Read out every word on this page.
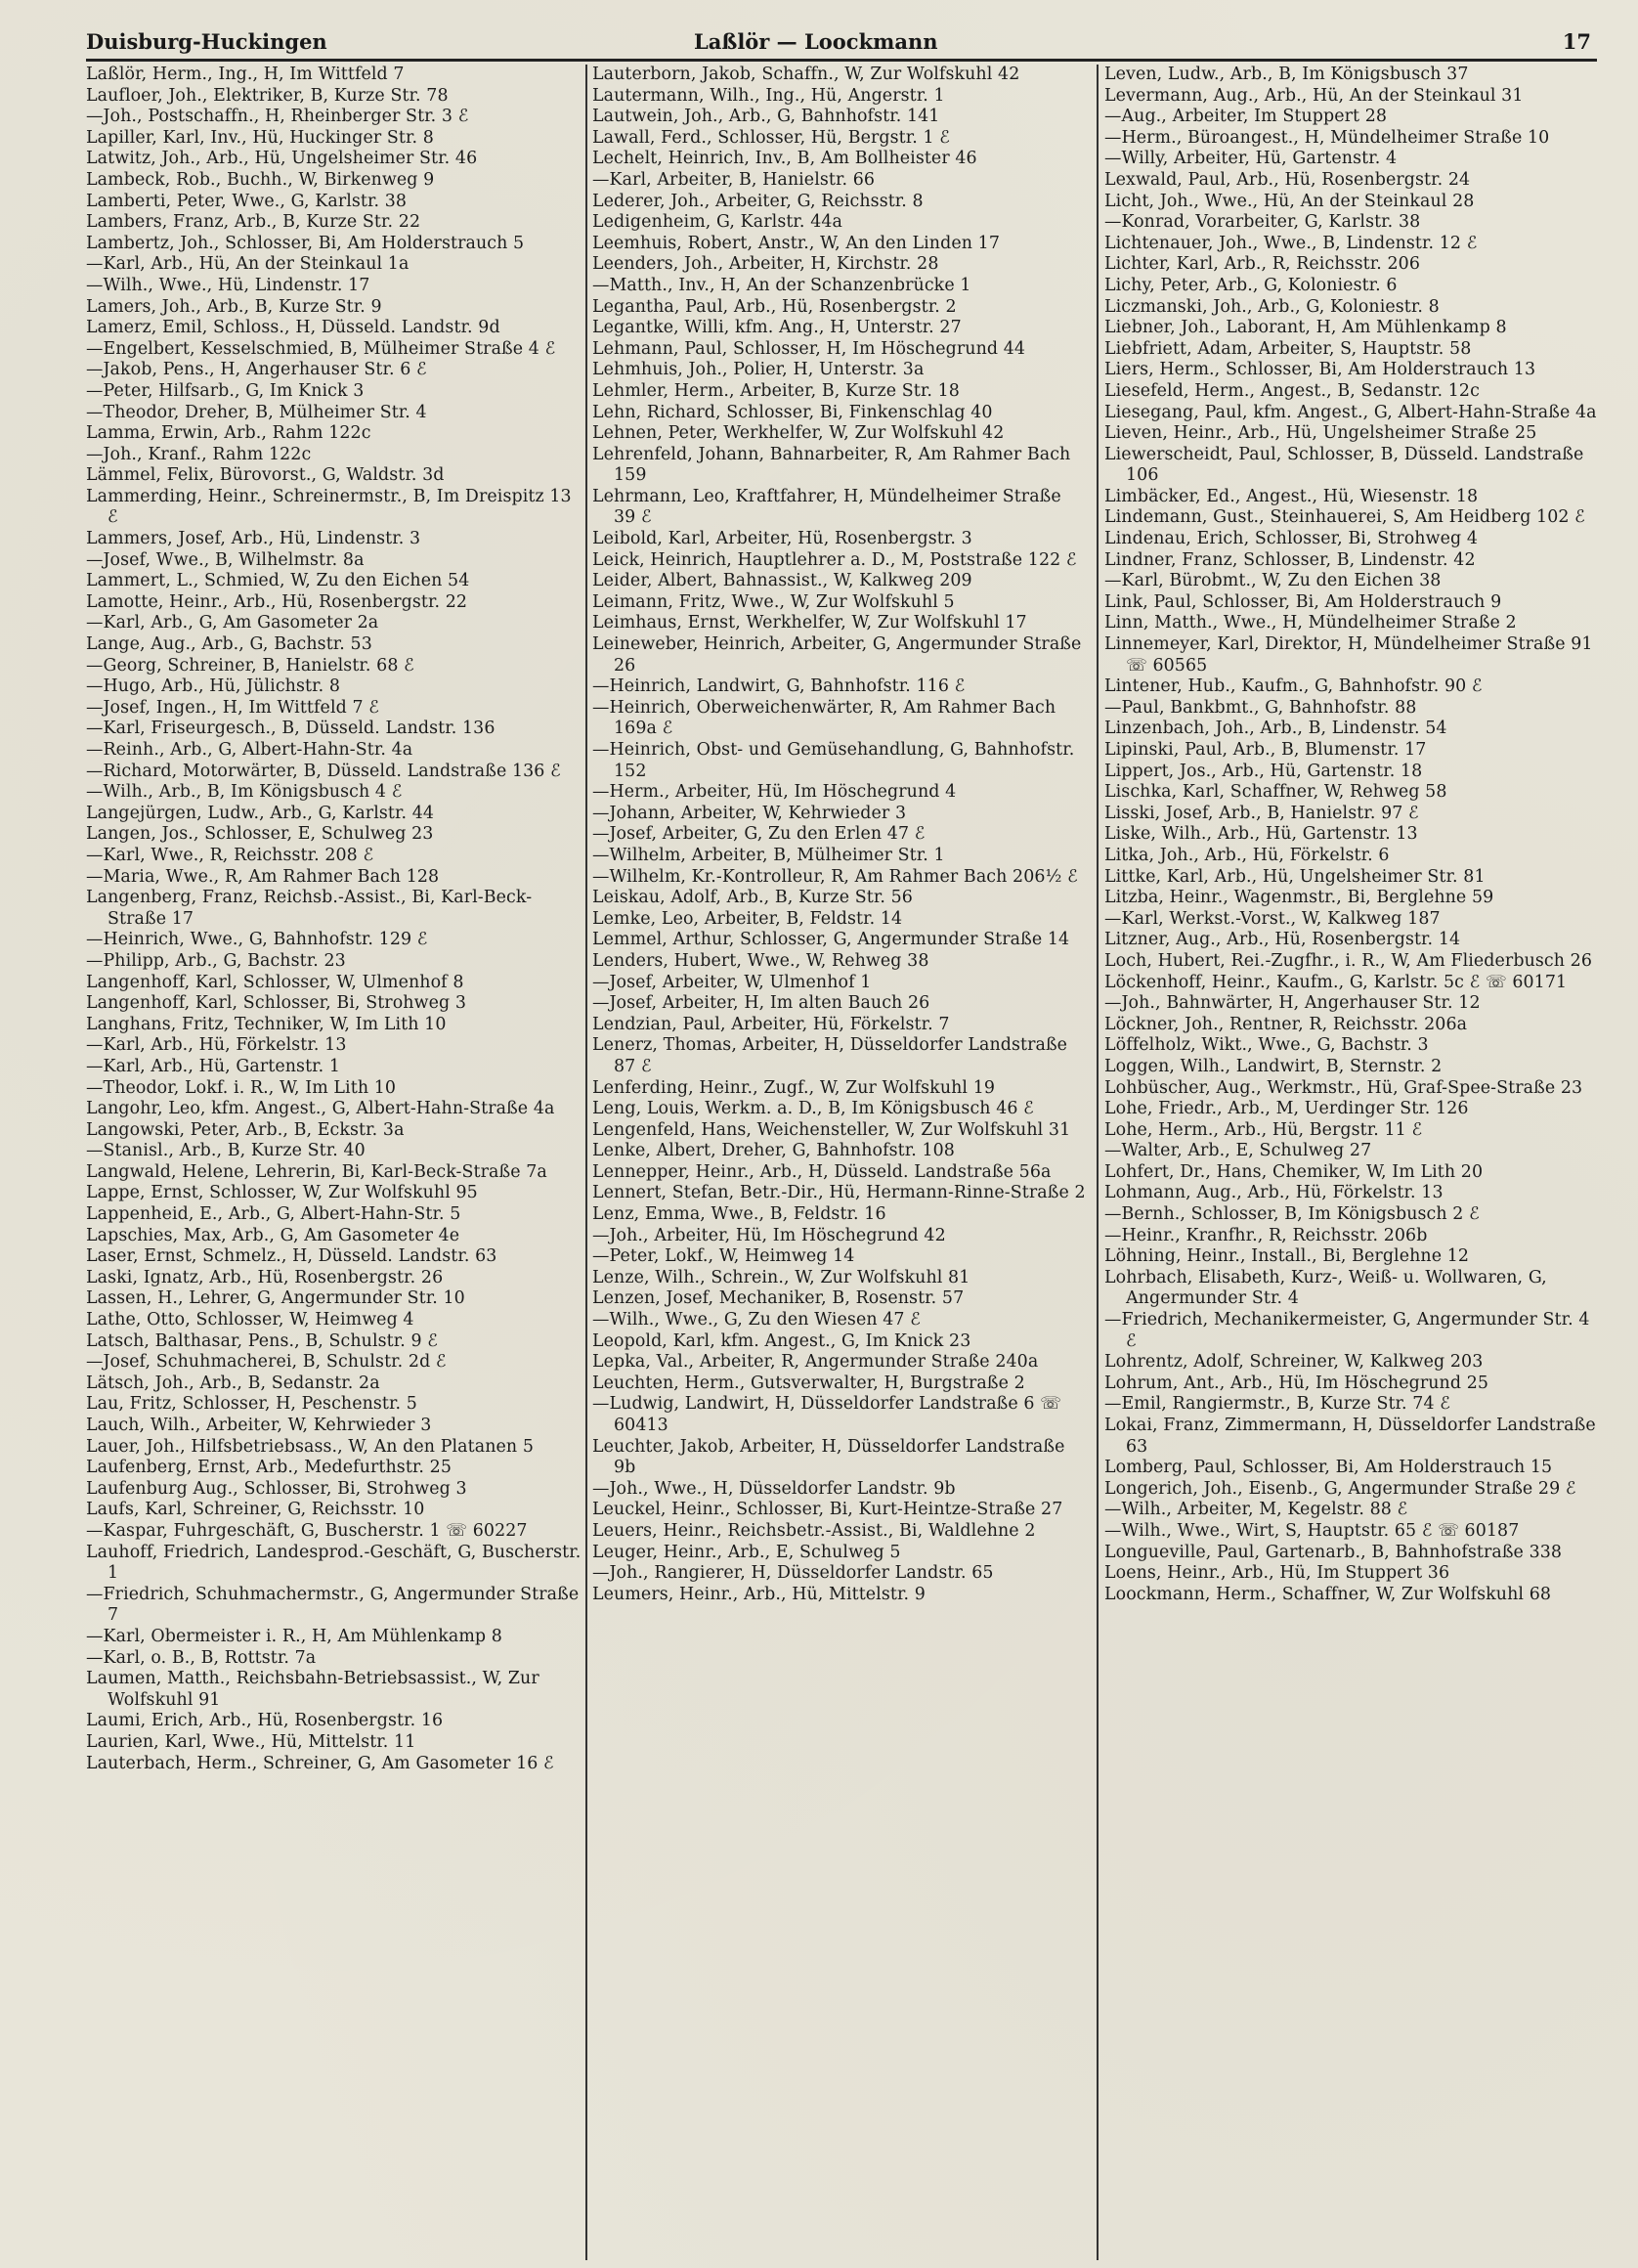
Duisburg-Huckingen	Laßlör — Loockmann	17
Laßlör, Herm., Ing., H, Im Wittfeld 7
Laufloer, Joh., Elektriker, B, Kurze Str. 78
—Joh., Postschaffn., H, Rheinberger Str. 3 ℰ
Lapiller, Karl, Inv., Hü, Huckinger Str. 8
Latwitz, Joh., Arb., Hü, Ungelsheimer Str. 46
Lambeck, Rob., Buchh., W, Birkenweg 9
Lamberti, Peter, Wwe., G, Karlstr. 38
Lambers, Franz, Arb., B, Kurze Str. 22
Lambertz, Joh., Schlosser, Bi, Am Holderstrauch 5
—Karl, Arb., Hü, An der Steinkaul 1a
—Wilh., Wwe., Hü, Lindenstr. 17
Lamers, Joh., Arb., B, Kurze Str. 9
Lamerz, Emil, Schloss., H, Düsseld. Landstr. 9d
—Engelbert, Kesselschmied, B, Mülheimer Straße 4 ℰ
—Jakob, Pens., H, Angerhauser Str. 6 ℰ
—Peter, Hilfsarb., G, Im Knick 3
—Theodor, Dreher, B, Mülheimer Str. 4
Lamma, Erwin, Arb., Rahm 122c
—Joh., Kranf., Rahm 122c
Lämmel, Felix, Bürovorst., G, Waldstr. 3d
Lammerding, Heinr., Schreinermstr., B, Im Dreispitz 13 ℰ
Lammers, Josef, Arb., Hü, Lindenstr. 3
—Josef, Wwe., B, Wilhelmstr. 8a
Lammert, L., Schmied, W, Zu den Eichen 54
Lamotte, Heinr., Arb., Hü, Rosenbergstr. 22
—Karl, Arb., G, Am Gasometer 2a
Lange, Aug., Arb., G, Bachstr. 53
—Georg, Schreiner, B, Hanielstr. 68 ℰ
—Hugo, Arb., Hü, Jülichstr. 8
—Josef, Ingen., H, Im Wittfeld 7 ℰ
—Karl, Friseurgesch., B, Düsseld. Landstr. 136
—Reinh., Arb., G, Albert-Hahn-Str. 4a
—Richard, Motorwärter, B, Düsseld. Landstraße 136 ℰ
—Wilh., Arb., B, Im Königsbusch 4 ℰ
Langejürgen, Ludw., Arb., G, Karlstr. 44
Langen, Jos., Schlosser, E, Schulweg 23
—Karl, Wwe., R, Reichsstr. 208 ℰ
—Maria, Wwe., R, Am Rahmer Bach 128
Langenberg, Franz, Reichsb.-Assist., Bi, Karl-Beck-Straße 17
—Heinrich, Wwe., G, Bahnhofstr. 129 ℰ
—Philipp, Arb., G, Bachstr. 23
Langenhoff, Karl, Schlosser, W, Ulmenhof 8
Langenhoff, Karl, Schlosser, Bi, Strohweg 3
Langhans, Fritz, Techniker, W, Im Lith 10
—Karl, Arb., Hü, Förkelstr. 13
—Karl, Arb., Hü, Gartenstr. 1
—Theodor, Lokf. i. R., W, Im Lith 10
Langohr, Leo, kfm. Angest., G, Albert-Hahn-Straße 4a
Langowski, Peter, Arb., B, Eckstr. 3a
—Stanisl., Arb., B, Kurze Str. 40
Langwald, Helene, Lehrerin, Bi, Karl-Beck-Straße 7a
Lappe, Ernst, Schlosser, W, Zur Wolfskuhl 95
Lappenheid, E., Arb., G, Albert-Hahn-Str. 5
Lapschies, Max, Arb., G, Am Gasometer 4e
Laser, Ernst, Schmelz., H, Düsseld. Landstr. 63
Laski, Ignatz, Arb., Hü, Rosenbergstr. 26
Lassen, H., Lehrer, G, Angermunder Str. 10
Lathe, Otto, Schlosser, W, Heimweg 4
Latsch, Balthasar, Pens., B, Schulstr. 9 ℰ
—Josef, Schuhmacherei, B, Schulstr. 2d ℰ
Lätsch, Joh., Arb., B, Sedanstr. 2a
Lau, Fritz, Schlosser, H, Peschenstr. 5
Lauch, Wilh., Arbeiter, W, Kehrwieder 3
Lauer, Joh., Hilfsbetriebsass., W, An den Platanen 5
Laufenberg, Ernst, Arb., Medefurthstr. 25
Laufenburg Aug., Schlosser, Bi, Strohweg 3
Laufs, Karl, Schreiner, G, Reichsstr. 10
—Kaspar, Fuhrgeschäft, G, Buscherstr. 1 ☏ 60227
Lauhoff, Friedrich, Landesprod.-Geschäft, G, Buscherstr. 1
—Friedrich, Schuhmachermstr., G, Angermunder Straße 7
—Karl, Obermeister i. R., H, Am Mühlenkamp 8
—Karl, o. B., B, Rottstr. 7a
Laumen, Matth., Reichsbahn-Betriebsassist., W, Zur Wolfskuhl 91
Laumi, Erich, Arb., Hü, Rosenbergstr. 16
Laurien, Karl, Wwe., Hü, Mittelstr. 11
Lauterbach, Herm., Schreiner, G, Am Gasometer 16 ℰ
Lauterborn, Jakob, Schaffn., W, Zur Wolfskuhl 42
Lautermann, Wilh., Ing., Hü, Angerstr. 1
Lautwein, Joh., Arb., G, Bahnhofstr. 141
Lawall, Ferd., Schlosser, Hü, Bergstr. 1 ℰ
Lechelt, Heinrich, Inv., B, Am Bollheister 46
—Karl, Arbeiter, B, Hanielstr. 66
Lederer, Joh., Arbeiter, G, Reichsstr. 8
Ledigenheim, G, Karlstr. 44a
Leemhuis, Robert, Anstr., W, An den Linden 17
Leenders, Joh., Arbeiter, H, Kirchstr. 28
—Matth., Inv., H, An der Schanzenbrücke 1
Legantha, Paul, Arb., Hü, Rosenbergstr. 2
Legantke, Willi, kfm. Ang., H, Unterstr. 27
Lehmann, Paul, Schlosser, H, Im Höschegrund 44
Lehmhuis, Joh., Polier, H, Unterstr. 3a
Lehmler, Herm., Arbeiter, B, Kurze Str. 18
Lehn, Richard, Schlosser, Bi, Finkenschlag 40
Lehnen, Peter, Werkhelfer, W, Zur Wolfskuhl 42
Lehrenfeld, Johann, Bahnarbeiter, R, Am Rahmer Bach 159
Lehrmann, Leo, Kraftfahrer, H, Mündelheimer Straße 39 ℰ
Leibold, Karl, Arbeiter, Hü, Rosenbergstr. 3
Leick, Heinrich, Hauptlehrer a. D., M, Poststraße 122 ℰ
Leider, Albert, Bahnassist., W, Kalkweg 209
Leimann, Fritz, Wwe., W, Zur Wolfskuhl 5
Leimhaus, Ernst, Werkhelfer, W, Zur Wolfskuhl 17
Leineweber, Heinrich, Arbeiter, G, Angermunder Straße 26
—Heinrich, Landwirt, G, Bahnhofstr. 116 ℰ
—Heinrich, Oberweichenwärter, R, Am Rahmer Bach 169a ℰ
—Heinrich, Obst- und Gemüsehandlung, G, Bahnhofstr. 152
—Herm., Arbeiter, Hü, Im Höschegrund 4
—Johann, Arbeiter, W, Kehrwieder 3
—Josef, Arbeiter, G, Zu den Erlen 47 ℰ
—Wilhelm, Arbeiter, B, Mülheimer Str. 1
—Wilhelm, Kr.-Kontrolleur, R, Am Rahmer Bach 206½ ℰ
Leiskau, Adolf, Arb., B, Kurze Str. 56
Lemke, Leo, Arbeiter, B, Feldstr. 14
Lemmel, Arthur, Schlosser, G, Angermunder Straße 14
Lenders, Hubert, Wwe., W, Rehweg 38
—Josef, Arbeiter, W, Ulmenhof 1
—Josef, Arbeiter, H, Im alten Bauch 26
Lendzian, Paul, Arbeiter, Hü, Förkelstr. 7
Lenerz, Thomas, Arbeiter, H, Düsseldorfer Landstraße 87 ℰ
Lenferding, Heinr., Zugf., W, Zur Wolfskuhl 19
Leng, Louis, Werkm. a. D., B, Im Königsbusch 46 ℰ
Lengenfeld, Hans, Weichensteller, W, Zur Wolfskuhl 31
Lenke, Albert, Dreher, G, Bahnhofstr. 108
Lennepper, Heinr., Arb., H, Düsseld. Landstraße 56a
Lennert, Stefan, Betr.-Dir., Hü, Hermann-Rinne-Straße 2
Lenz, Emma, Wwe., B, Feldstr. 16
—Joh., Arbeiter, Hü, Im Höschegrund 42
—Peter, Lokf., W, Heimweg 14
Lenze, Wilh., Schrein., W, Zur Wolfskuhl 81
Lenzen, Josef, Mechaniker, B, Rosenstr. 57
—Wilh., Wwe., G, Zu den Wiesen 47 ℰ
Leopold, Karl, kfm. Angest., G, Im Knick 23
Lepka, Val., Arbeiter, R, Angermunder Straße 240a
Leuchten, Herm., Gutsverwalter, H, Burgstraße 2
—Ludwig, Landwirt, H, Düsseldorfer Landstraße 6 ☏ 60413
Leuchter, Jakob, Arbeiter, H, Düsseldorfer Landstraße 9b
—Joh., Wwe., H, Düsseldorfer Landstr. 9b
Leuckel, Heinr., Schlosser, Bi, Kurt-Heintze-Straße 27
Leuers, Heinr., Reichsbetr.-Assist., Bi, Waldlehne 2
Leuger, Heinr., Arb., E, Schulweg 5
—Joh., Rangierer, H, Düsseldorfer Landstr. 65
Leumers, Heinr., Arb., Hü, Mittelstr. 9
Leven, Ludw., Arb., B, Im Königsbusch 37
Levermann, Aug., Arb., Hü, An der Steinkaul 31
—Aug., Arbeiter, Im Stuppert 28
—Herm., Büroangest., H, Mündelheimer Straße 10
—Willy, Arbeiter, Hü, Gartenstr. 4
Lexwald, Paul, Arb., Hü, Rosenbergstr. 24
Licht, Joh., Wwe., Hü, An der Steinkaul 28
—Konrad, Vorarbeiter, G, Karlstr. 38
Lichtenauer, Joh., Wwe., B, Lindenstr. 12 ℰ
Lichter, Karl, Arb., R, Reichsstr. 206
Lichy, Peter, Arb., G, Koloniestr. 6
Liczmanski, Joh., Arb., G, Koloniestr. 8
Liebner, Joh., Laborant, H, Am Mühlenkamp 8
Liebfriett, Adam, Arbeiter, S, Hauptstr. 58
Liers, Herm., Schlosser, Bi, Am Holderstrauch 13
Liesefeld, Herm., Angest., B, Sedanstr. 12c
Liesegang, Paul, kfm. Angest., G, Albert-Hahn-Straße 4a
Lieven, Heinr., Arb., Hü, Ungelsheimer Straße 25
Liewerscheidt, Paul, Schlosser, B, Düsseld. Landstraße 106
Limbäcker, Ed., Angest., Hü, Wiesenstr. 18
Lindemann, Gust., Steinhauerei, S, Am Heidberg 102 ℰ
Lindenau, Erich, Schlosser, Bi, Strohweg 4
Lindner, Franz, Schlosser, B, Lindenstr. 42
—Karl, Bürobmt., W, Zu den Eichen 38
Link, Paul, Schlosser, Bi, Am Holderstrauch 9
Linn, Matth., Wwe., H, Mündelheimer Straße 2
Linnemeyer, Karl, Direktor, H, Mündelheimer Straße 91 ☏ 60565
Lintener, Hub., Kaufm., G, Bahnhofstr. 90 ℰ
—Paul, Bankbmt., G, Bahnhofstr. 88
Linzenbach, Joh., Arb., B, Lindenstr. 54
Lipinski, Paul, Arb., B, Blumenstr. 17
Lippert, Jos., Arb., Hü, Gartenstr. 18
Lischka, Karl, Schaffner, W, Rehweg 58
Lisski, Josef, Arb., B, Hanielstr. 97 ℰ
Liske, Wilh., Arb., Hü, Gartenstr. 13
Litka, Joh., Arb., Hü, Förkelstr. 6
Littke, Karl, Arb., Hü, Ungelsheimer Str. 81
Litzba, Heinr., Wagenmstr., Bi, Berglehne 59
—Karl, Werkst.-Vorst., W, Kalkweg 187
Litzner, Aug., Arb., Hü, Rosenbergstr. 14
Loch, Hubert, Rei.-Zugfhr., i. R., W, Am Fliederbusch 26
Löckenhoff, Heinr., Kaufm., G, Karlstr. 5c ℰ ☏ 60171
—Joh., Bahnwärter, H, Angerhauser Str. 12
Löckner, Joh., Rentner, R, Reichsstr. 206a
Löffelholz, Wikt., Wwe., G, Bachstr. 3
Loggen, Wilh., Landwirt, B, Sternstr. 2
Lohbüscher, Aug., Werkmstr., Hü, Graf-Spee-Straße 23
Lohe, Friedr., Arb., M, Uerdinger Str. 126
Lohe, Herm., Arb., Hü, Bergstr. 11 ℰ
—Walter, Arb., E, Schulweg 27
Lohfert, Dr., Hans, Chemiker, W, Im Lith 20
Lohmann, Aug., Arb., Hü, Förkelstr. 13
—Bernh., Schlosser, B, Im Königsbusch 2 ℰ
—Heinr., Kranfhr., R, Reichsstr. 206b
Löhning, Heinr., Install., Bi, Berglehne 12
Lohrbach, Elisabeth, Kurz-, Weiß- u. Wollwaren, G, Angermunder Str. 4
—Friedrich, Mechanikermeister, G, Angermunder Str. 4 ℰ
Lohrentz, Adolf, Schreiner, W, Kalkweg 203
Lohrum, Ant., Arb., Hü, Im Höschegrund 25
—Emil, Rangiermstr., B, Kurze Str. 74 ℰ
Lokai, Franz, Zimmermann, H, Düsseldorfer Landstraße 63
Lomberg, Paul, Schlosser, Bi, Am Holderstrauch 15
Longerich, Joh., Eisenb., G, Angermunder Straße 29 ℰ
—Wilh., Arbeiter, M, Kegelstr. 88 ℰ
—Wilh., Wwe., Wirt, S, Hauptstr. 65 ℰ ☏ 60187
Longueville, Paul, Gartenarb., B, Bahnhofstraße 338
Loens, Heinr., Arb., Hü, Im Stuppert 36
Loockmann, Herm., Schaffner, W, Zur Wolfskuhl 68
